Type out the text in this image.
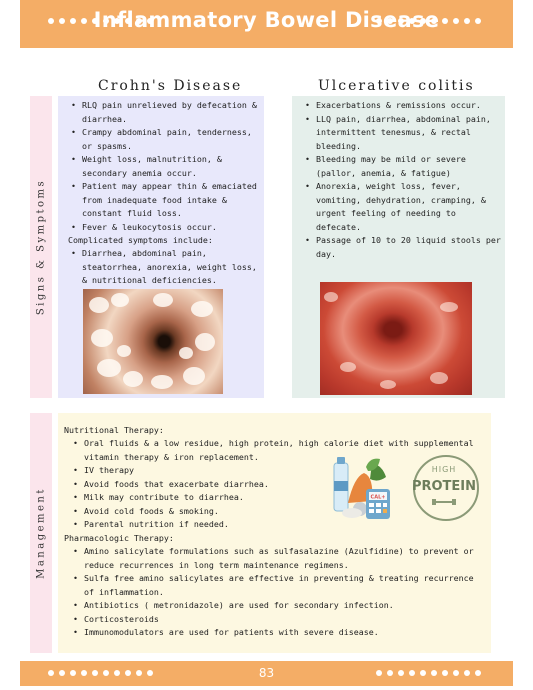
Inflammatory Bowel Disease
Crohn's Disease	Ulcerative colitis
Signs & Symptoms
Management
• RLQ pain unrelieved by defecation & diarrhea.
• Crampy abdominal pain, tenderness, or spasms.
• Weight loss, malnutrition, & secondary anemia occur.
• Patient may appear thin & emaciated from inadequate food intake & constant fluid loss.
• Fever & leukocytosis occur.
Complicated symptoms include:
• Diarrhea, abdominal pain, steatorrhea, anorexia, weight loss, & nutritional deficiencies.
• Exacerbations & remissions occur.
• LLQ pain, diarrhea, abdominal pain, intermittent tenesmus, & rectal bleeding.
• Bleeding may be mild or severe (pallor, anemia, & fatigue)
• Anorexia, weight loss, fever, vomiting, dehydration, cramping, & urgent feeling of needing to defecate.
• Passage of 10 to 20 liquid stools per day.
Nutritional Therapy:
• Oral fluids & a low residue, high protein, high calorie diet with supplemental vitamin therapy & iron replacement.
• IV therapy
• Avoid foods that exacerbate diarrhea.
• Milk may contribute to diarrhea.
• Avoid cold foods & smoking.
• Parental nutrition if needed.
Pharmacologic Therapy:
• Amino salicylate formulations such as sulfasalazine (Azulfidine) to prevent or reduce recurrences in long term maintenance regimens.
• Sulfa free amino salicylates are effective in preventing & treating recurrence of inflammation.
• Antibiotics ( metronidazole) are used for secondary infection.
• Corticosteroids
• Immunomodulators are used for patients with severe disease.
CAL+
HIGH
PROTEIN
83
